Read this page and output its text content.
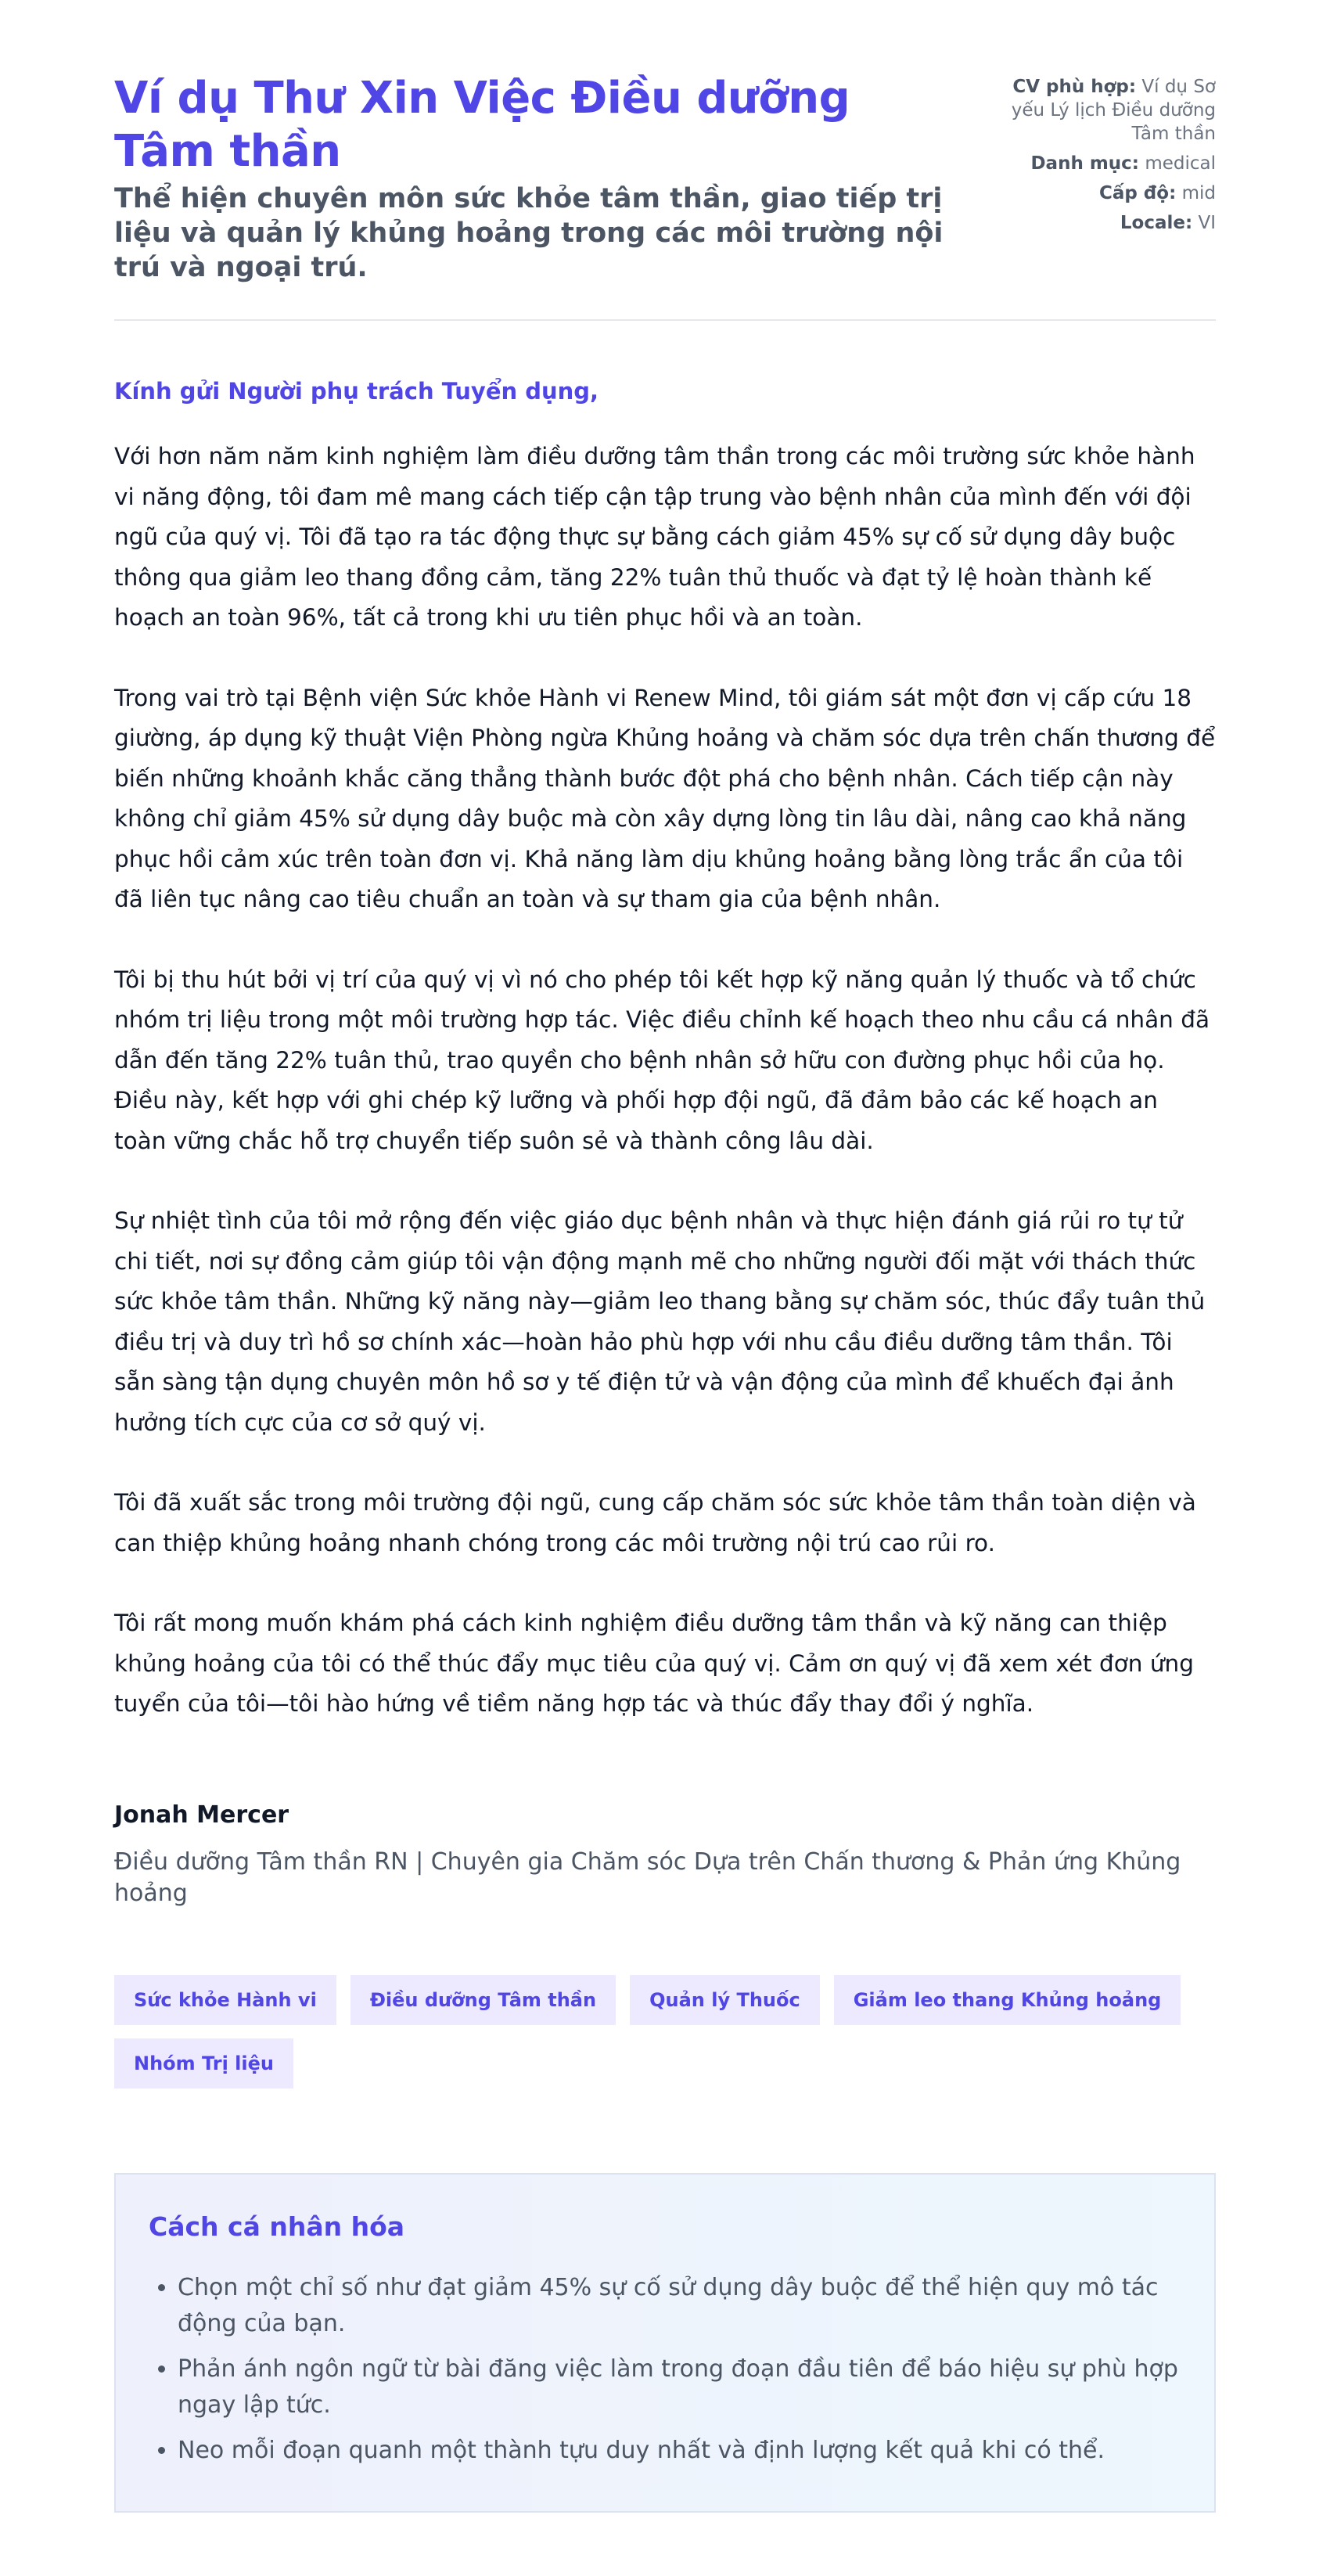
Ví dụ Thư Xin Việc Điều dưỡng Tâm thần

Thể hiện chuyên môn sức khỏe tâm thần, giao tiếp trị liệu và quản lý khủng hoảng trong các môi trường nội trú và ngoại trú.

CV phù hợp: Ví dụ Sơ yếu Lý lịch Điều dưỡng Tâm thần
Danh mục: medical
Cấp độ: mid
Locale: VI

Kính gửi Người phụ trách Tuyển dụng,

Với hơn năm năm kinh nghiệm làm điều dưỡng tâm thần trong các môi trường sức khỏe hành vi năng động, tôi đam mê mang cách tiếp cận tập trung vào bệnh nhân của mình đến với đội ngũ của quý vị. Tôi đã tạo ra tác động thực sự bằng cách giảm 45% sự cố sử dụng dây buộc thông qua giảm leo thang đồng cảm, tăng 22% tuân thủ thuốc và đạt tỷ lệ hoàn thành kế hoạch an toàn 96%, tất cả trong khi ưu tiên phục hồi và an toàn.

Trong vai trò tại Bệnh viện Sức khỏe Hành vi Renew Mind, tôi giám sát một đơn vị cấp cứu 18 giường, áp dụng kỹ thuật Viện Phòng ngừa Khủng hoảng và chăm sóc dựa trên chấn thương để biến những khoảnh khắc căng thẳng thành bước đột phá cho bệnh nhân. Cách tiếp cận này không chỉ giảm 45% sử dụng dây buộc mà còn xây dựng lòng tin lâu dài, nâng cao khả năng phục hồi cảm xúc trên toàn đơn vị. Khả năng làm dịu khủng hoảng bằng lòng trắc ẩn của tôi đã liên tục nâng cao tiêu chuẩn an toàn và sự tham gia của bệnh nhân.

Tôi bị thu hút bởi vị trí của quý vị vì nó cho phép tôi kết hợp kỹ năng quản lý thuốc và tổ chức nhóm trị liệu trong một môi trường hợp tác. Việc điều chỉnh kế hoạch theo nhu cầu cá nhân đã dẫn đến tăng 22% tuân thủ, trao quyền cho bệnh nhân sở hữu con đường phục hồi của họ. Điều này, kết hợp với ghi chép kỹ lưỡng và phối hợp đội ngũ, đã đảm bảo các kế hoạch an toàn vững chắc hỗ trợ chuyển tiếp suôn sẻ và thành công lâu dài.

Sự nhiệt tình của tôi mở rộng đến việc giáo dục bệnh nhân và thực hiện đánh giá rủi ro tự tử chi tiết, nơi sự đồng cảm giúp tôi vận động mạnh mẽ cho những người đối mặt với thách thức sức khỏe tâm thần. Những kỹ năng này—giảm leo thang bằng sự chăm sóc, thúc đẩy tuân thủ điều trị và duy trì hồ sơ chính xác—hoàn hảo phù hợp với nhu cầu điều dưỡng tâm thần. Tôi sẵn sàng tận dụng chuyên môn hồ sơ y tế điện tử và vận động của mình để khuếch đại ảnh hưởng tích cực của cơ sở quý vị.

Tôi đã xuất sắc trong môi trường đội ngũ, cung cấp chăm sóc sức khỏe tâm thần toàn diện và can thiệp khủng hoảng nhanh chóng trong các môi trường nội trú cao rủi ro.

Tôi rất mong muốn khám phá cách kinh nghiệm điều dưỡng tâm thần và kỹ năng can thiệp khủng hoảng của tôi có thể thúc đẩy mục tiêu của quý vị. Cảm ơn quý vị đã xem xét đơn ứng tuyển của tôi—tôi hào hứng về tiềm năng hợp tác và thúc đẩy thay đổi ý nghĩa.

Jonah Mercer
Điều dưỡng Tâm thần RN | Chuyên gia Chăm sóc Dựa trên Chấn thương & Phản ứng Khủng hoảng
Sức khỏe Hành vi	Điều dưỡng Tâm thần	Quản lý Thuốc	Giảm leo thang Khủng hoảng
Nhóm Trị liệu
Cách cá nhân hóa
• Chọn một chỉ số như đạt giảm 45% sự cố sử dụng dây buộc để thể hiện quy mô tác động của bạn.
• Phản ánh ngôn ngữ từ bài đăng việc làm trong đoạn đầu tiên để báo hiệu sự phù hợp ngay lập tức.
• Neo mỗi đoạn quanh một thành tựu duy nhất và định lượng kết quả khi có thể.
